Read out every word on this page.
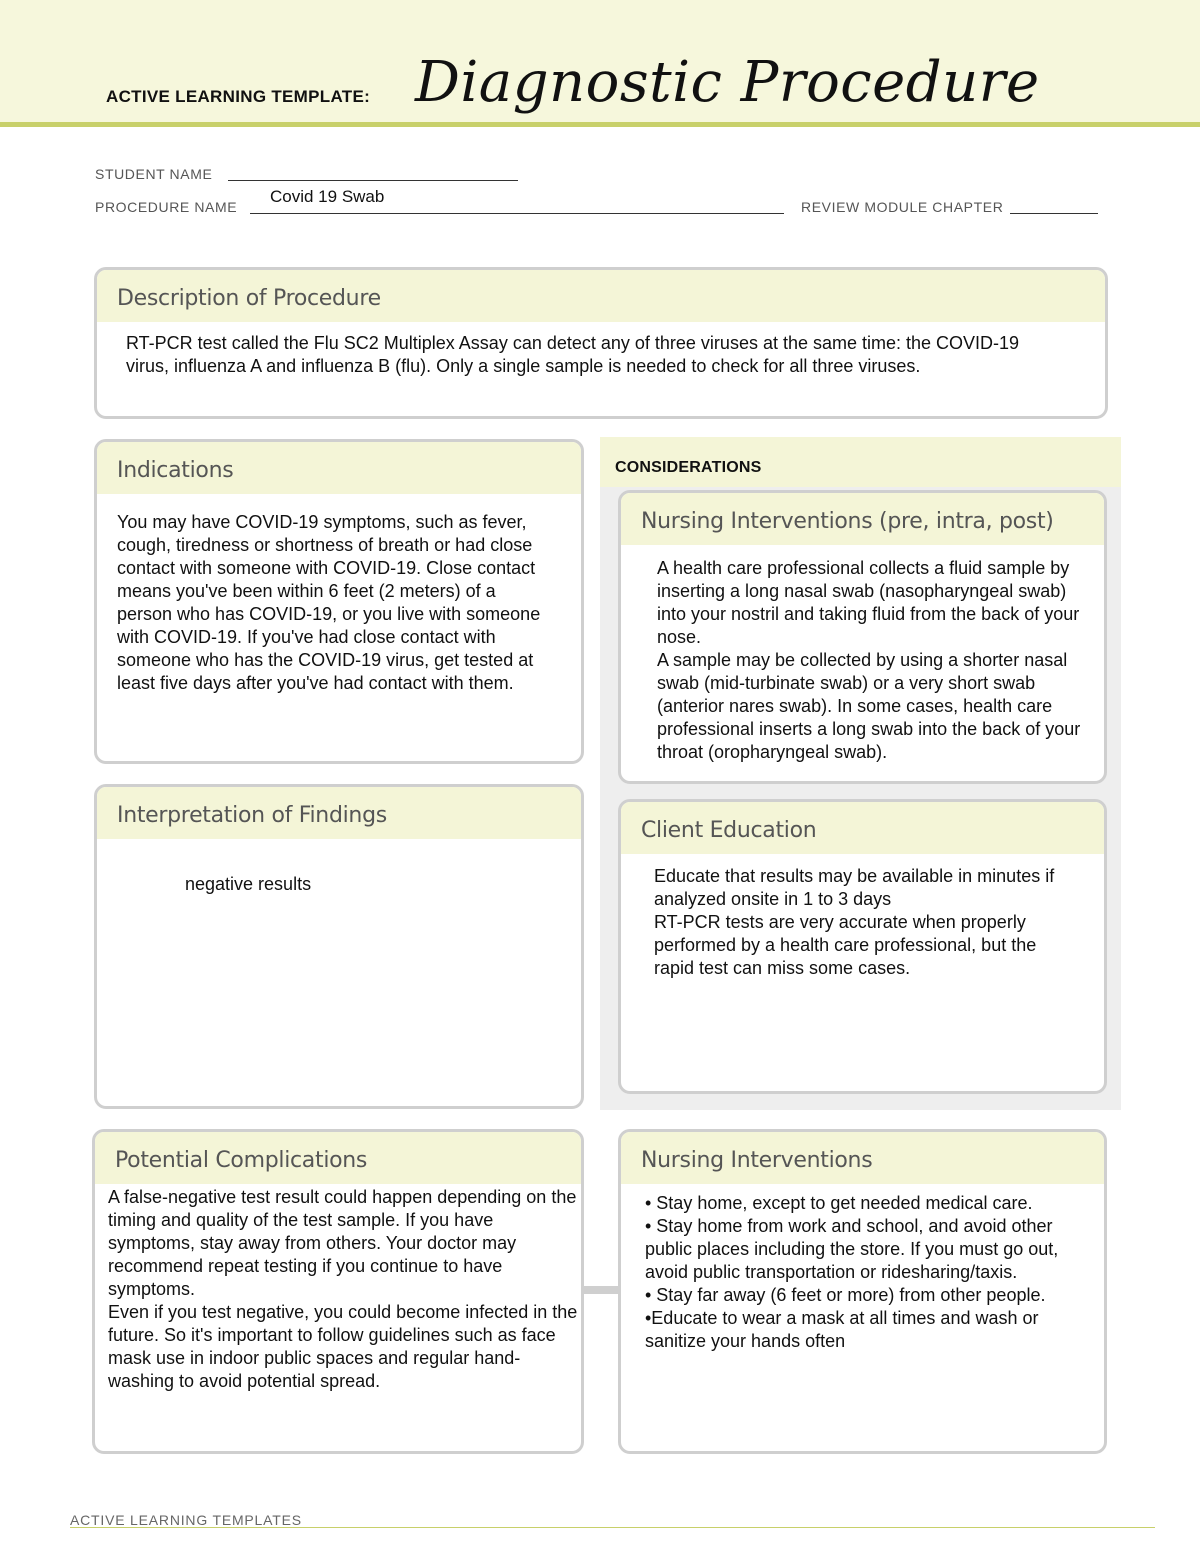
ACTIVE LEARNING TEMPLATE: Diagnostic Procedure
STUDENT NAME
PROCEDURE NAME
Covid 19 Swab
REVIEW MODULE CHAPTER
Description of Procedure

RT-PCR test called the Flu SC2 Multiplex Assay can detect any of three viruses at the same time: the COVID-19 virus, influenza A and influenza B (flu). Only a single sample is needed to check for all three viruses.

Indications

You may have COVID-19 symptoms, such as fever, cough, tiredness or shortness of breath or had close contact with someone with COVID-19. Close contact means you've been within 6 feet (2 meters) of a person who has COVID-19, or you live with someone with COVID-19. If you've had close contact with someone who has the COVID-19 virus, get tested at least five days after you've had contact with them.

CONSIDERATIONS
Nursing Interventions (pre, intra, post)

A health care professional collects a fluid sample by inserting a long nasal swab (nasopharyngeal swab) into your nostril and taking fluid from the back of your nose.
A sample may be collected by using a shorter nasal swab (mid-turbinate swab) or a very short swab (anterior nares swab). In some cases, health care professional inserts a long swab into the back of your throat (oropharyngeal swab).

Interpretation of Findings

negative results

Client Education

Educate that results may be available in minutes if analyzed onsite in 1 to 3 days
RT-PCR tests are very accurate when properly performed by a health care professional, but the rapid test can miss some cases.

Potential Complications

A false-negative test result could happen depending on the timing and quality of the test sample. If you have symptoms, stay away from others. Your doctor may recommend repeat testing if you continue to have symptoms.
Even if you test negative, you could become infected in the future. So it's important to follow guidelines such as face mask use in indoor public spaces and regular hand-washing to avoid potential spread.

Nursing Interventions

• Stay home, except to get needed medical care.
• Stay home from work and school, and avoid other public places including the store. If you must go out, avoid public transportation or ridesharing/taxis.
• Stay far away (6 feet or more) from other people.
•Educate to wear a mask at all times and wash or sanitize your hands often

ACTIVE LEARNING TEMPLATES
